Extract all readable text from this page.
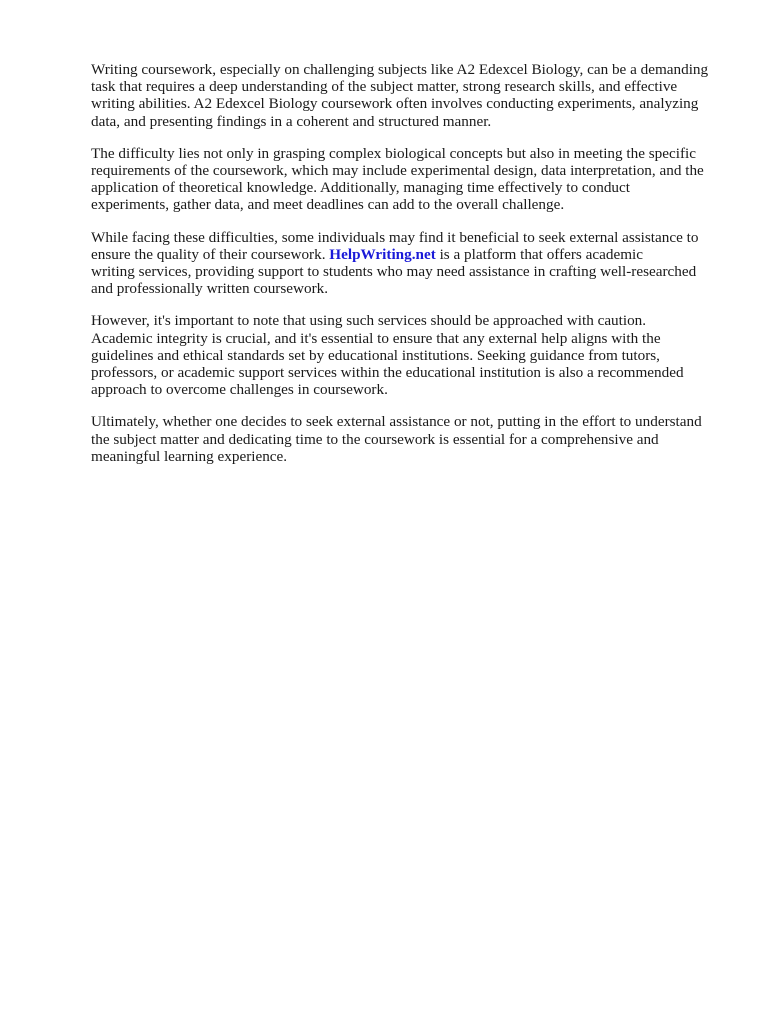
Writing coursework, especially on challenging subjects like A2 Edexcel Biology, can be a demanding
task that requires a deep understanding of the subject matter, strong research skills, and effective
writing abilities. A2 Edexcel Biology coursework often involves conducting experiments, analyzing
data, and presenting findings in a coherent and structured manner.

The difficulty lies not only in grasping complex biological concepts but also in meeting the specific
requirements of the coursework, which may include experimental design, data interpretation, and the
application of theoretical knowledge. Additionally, managing time effectively to conduct
experiments, gather data, and meet deadlines can add to the overall challenge.

While facing these difficulties, some individuals may find it beneficial to seek external assistance to
ensure the quality of their coursework. HelpWriting.net is a platform that offers academic
writing services, providing support to students who may need assistance in crafting well-researched
and professionally written coursework.

However, it's important to note that using such services should be approached with caution.
Academic integrity is crucial, and it's essential to ensure that any external help aligns with the
guidelines and ethical standards set by educational institutions. Seeking guidance from tutors,
professors, or academic support services within the educational institution is also a recommended
approach to overcome challenges in coursework.

Ultimately, whether one decides to seek external assistance or not, putting in the effort to understand
the subject matter and dedicating time to the coursework is essential for a comprehensive and
meaningful learning experience.
